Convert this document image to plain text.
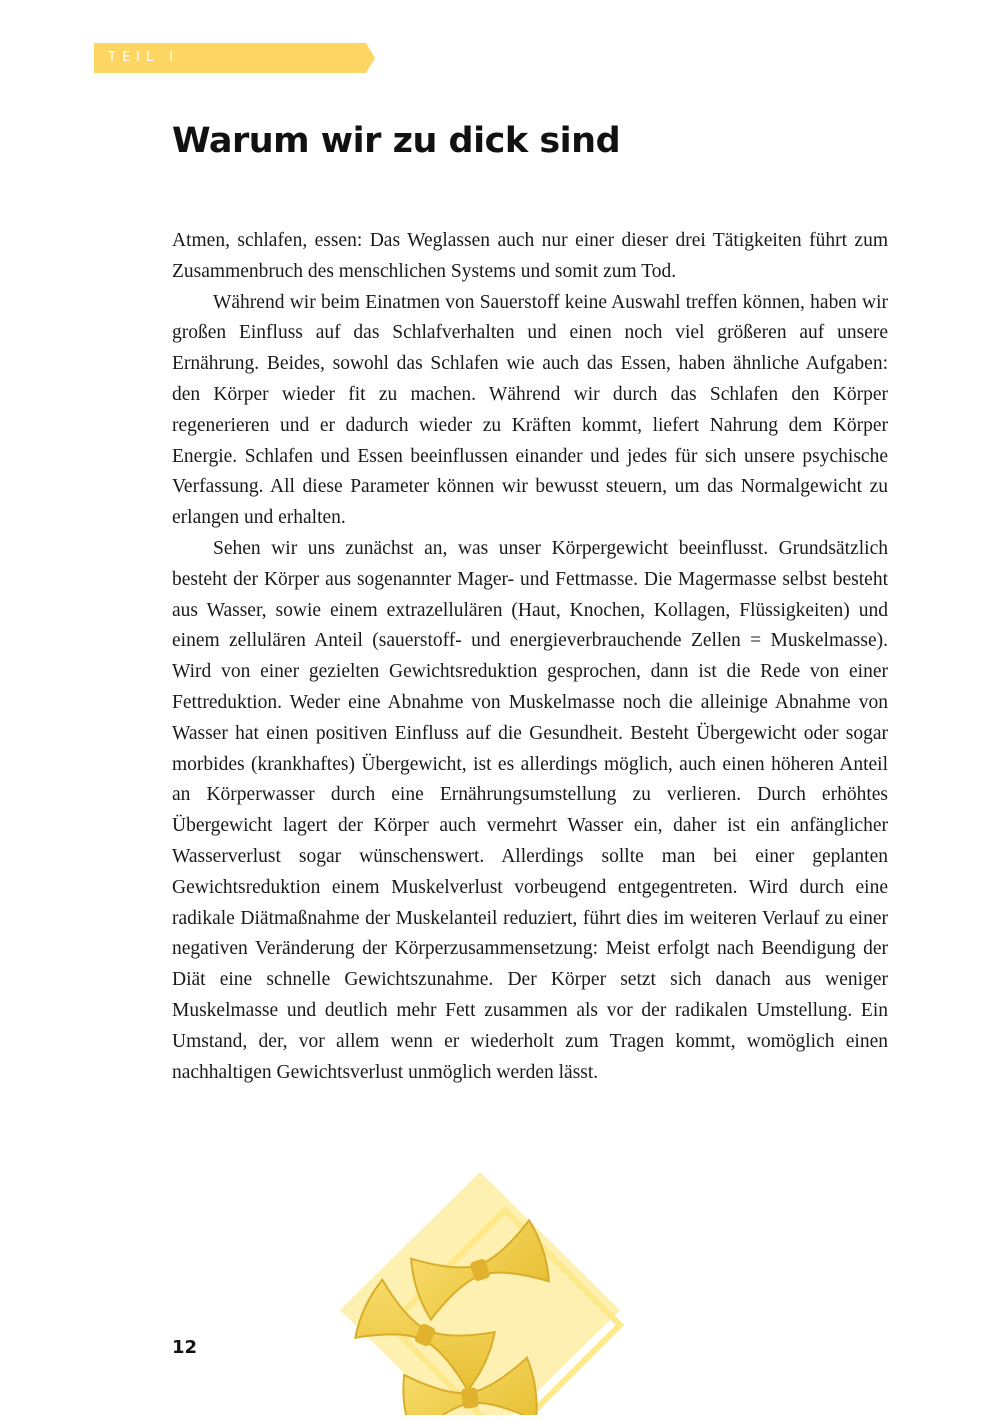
TEIL I
Warum wir zu dick sind

Atmen, schlafen, essen: Das Weglassen auch nur einer dieser drei Tätigkeiten führt zum Zusammenbruch des menschlichen Systems und somit zum Tod.

Während wir beim Einatmen von Sauerstoff keine Auswahl treffen können, haben wir großen Einfluss auf das Schlafverhalten und einen noch viel größeren auf unsere Ernährung. Beides, sowohl das Schlafen wie auch das Essen, haben ähnliche Aufgaben: den Körper wieder fit zu machen. Während wir durch das Schlafen den Körper regenerieren und er dadurch wieder zu Kräften kommt, liefert Nahrung dem Körper Energie. Schlafen und Essen beeinflussen einander und jedes für sich unsere psychische Verfassung. All diese Parameter können wir bewusst steuern, um das Normalgewicht zu erlangen und erhalten.

Sehen wir uns zunächst an, was unser Körpergewicht beeinflusst. Grundsätzlich besteht der Körper aus sogenannter Mager- und Fettmasse. Die Magermasse selbst besteht aus Wasser, sowie einem extrazellulären (Haut, Knochen, Kollagen, Flüssigkeiten) und einem zellulären Anteil (sauerstoff- und energieverbrauchende Zellen = Muskelmasse). Wird von einer gezielten Gewichtsreduktion gesprochen, dann ist die Rede von einer Fettreduktion. Weder eine Abnahme von Muskelmasse noch die alleinige Abnahme von Wasser hat einen positiven Einfluss auf die Gesundheit. Besteht Übergewicht oder sogar morbides (krankhaftes) Übergewicht, ist es allerdings möglich, auch einen höheren Anteil an Körperwasser durch eine Ernährungsumstellung zu verlieren. Durch erhöhtes Übergewicht lagert der Körper auch vermehrt Wasser ein, daher ist ein anfänglicher Wasserverlust sogar wünschenswert. Allerdings sollte man bei einer geplanten Gewichtsreduktion einem Muskelverlust vorbeugend entgegentreten. Wird durch eine radikale Diätmaßnahme der Muskelanteil reduziert, führt dies im weiteren Verlauf zu einer negativen Veränderung der Körperzusammensetzung: Meist erfolgt nach Beendigung der Diät eine schnelle Gewichtszunahme. Der Körper setzt sich danach aus weniger Muskelmasse und deutlich mehr Fett zusammen als vor der radikalen Umstellung. Ein Umstand, der, vor allem wenn er wiederholt zum Tragen kommt, womöglich einen nachhaltigen Gewichtsverlust unmöglich werden lässt.

12
